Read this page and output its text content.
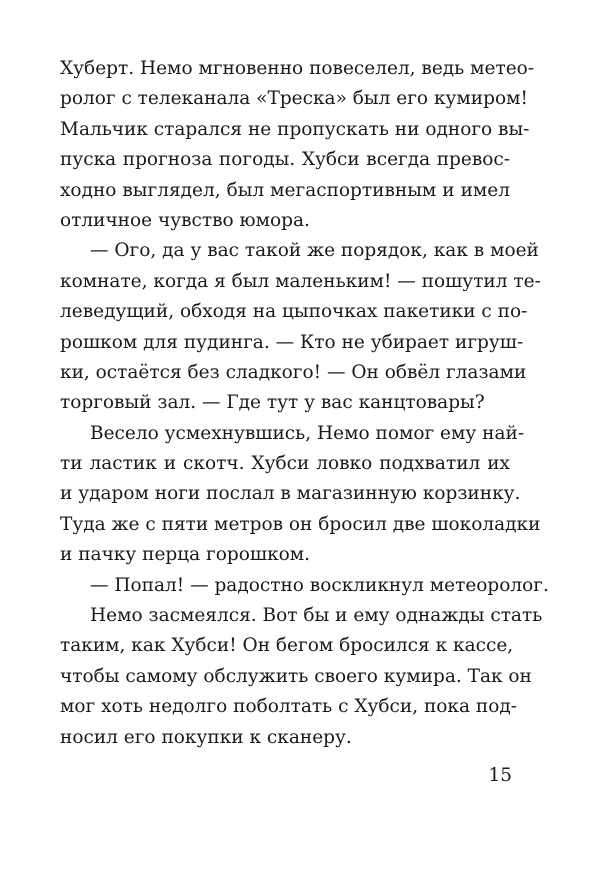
Хуберт. Немо мгновенно повеселел, ведь метео-
ролог с телеканала «Треска» был его кумиром!
Мальчик старался не пропускать ни одного вы-
пуска прогноза погоды. Хубси всегда превос-
ходно выглядел, был мегаспортивным и имел
отличное чувство юмора.
— Ого, да у вас такой же порядок, как в моей
комнате, когда я был маленьким! — пошутил те-
леведущий, обходя на цыпочках пакетики с по-
рошком для пудинга. — Кто не убирает игруш-
ки, остаётся без сладкого! — Он обвёл глазами
торговый зал. — Где тут у вас канцтовары?
Весело усмехнувшись, Немо помог ему най-
ти ластик и скотч. Хубси ловко подхватил их
и ударом ноги послал в магазинную корзинку.
Туда же с пяти метров он бросил две шоколадки
и пачку перца горошком.
— Попал! — радостно воскликнул метеоролог.
Немо засмеялся. Вот бы и ему однажды стать
таким, как Хубси! Он бегом бросился к кассе,
чтобы самому обслужить своего кумира. Так он
мог хоть недолго поболтать с Хубси, пока под-
носил его покупки к сканеру.
15
